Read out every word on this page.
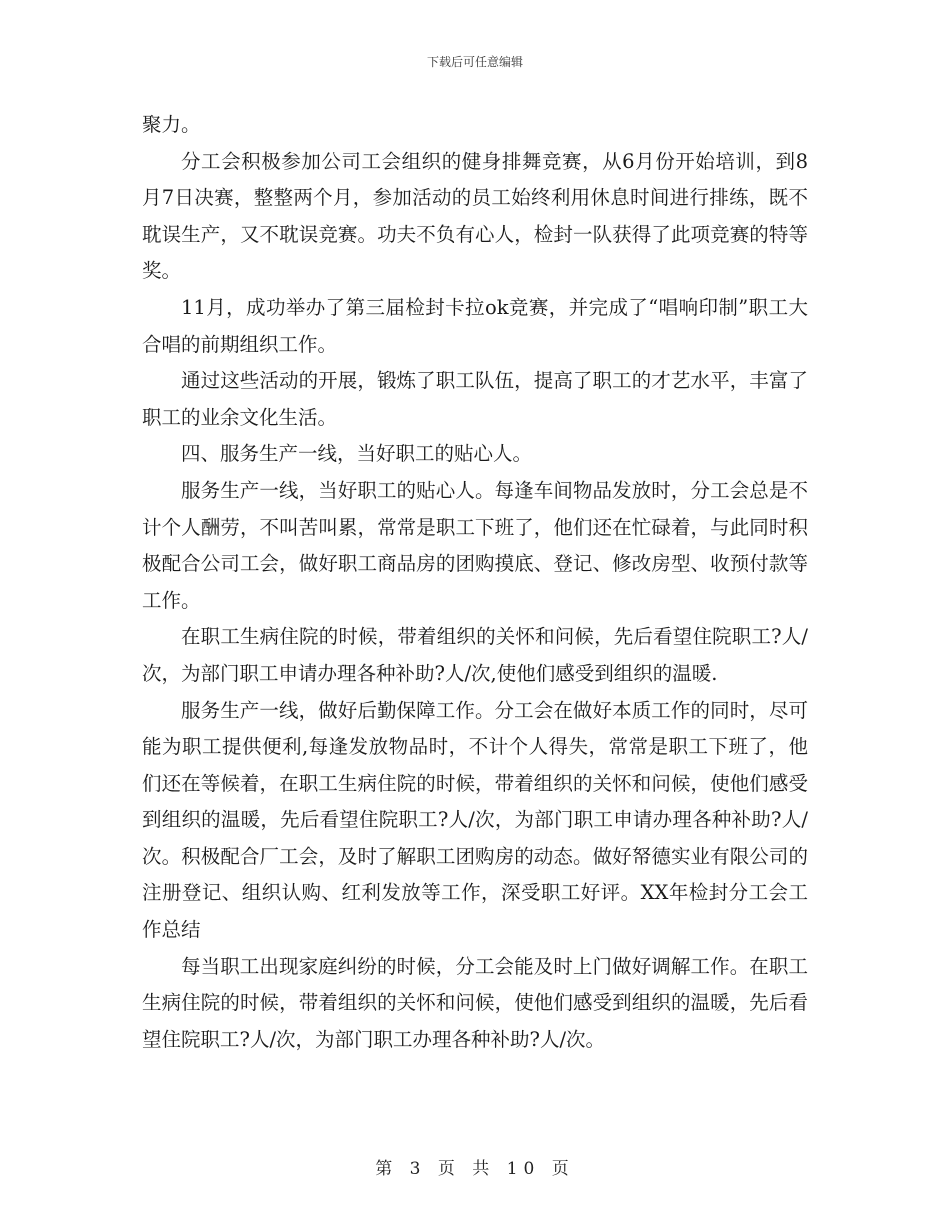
下载后可任意编辑

聚力。

分工会积极参加公司工会组织的健身排舞竞赛，从6月份开始培训，到8月7日决赛，整整两个月，参加活动的员工始终利用休息时间进行排练，既不耽误生产，又不耽误竞赛。功夫不负有心人，检封一队获得了此项竞赛的特等奖。

11月，成功举办了第三届检封卡拉ok竞赛，并完成了“唱响印制”职工大合唱的前期组织工作。

通过这些活动的开展，锻炼了职工队伍，提高了职工的才艺水平，丰富了职工的业余文化生活。

四、服务生产一线，当好职工的贴心人。

服务生产一线，当好职工的贴心人。每逢车间物品发放时，分工会总是不计个人酬劳，不叫苦叫累，常常是职工下班了，他们还在忙碌着，与此同时积极配合公司工会，做好职工商品房的团购摸底、登记、修改房型、收预付款等工作。

在职工生病住院的时候，带着组织的关怀和问候，先后看望住院职工?人/次，为部门职工申请办理各种补助?人/次,使他们感受到组织的温暖.

服务生产一线，做好后勤保障工作。分工会在做好本质工作的同时，尽可能为职工提供便利,每逢发放物品时，不计个人得失，常常是职工下班了，他们还在等候着，在职工生病住院的时候，带着组织的关怀和问候，使他们感受到组织的温暖，先后看望住院职工?人/次，为部门职工申请办理各种补助?人/次。积极配合厂工会，及时了解职工团购房的动态。做好帑德实业有限公司的注册登记、组织认购、红利发放等工作，深受职工好评。XX年检封分工会工作总结

每当职工出现家庭纠纷的时候，分工会能及时上门做好调解工作。在职工生病住院的时候，带着组织的关怀和问候，使他们感受到组织的温暖，先后看望住院职工?人/次，为部门职工办理各种补助?人/次。

第 3 页 共 10 页
